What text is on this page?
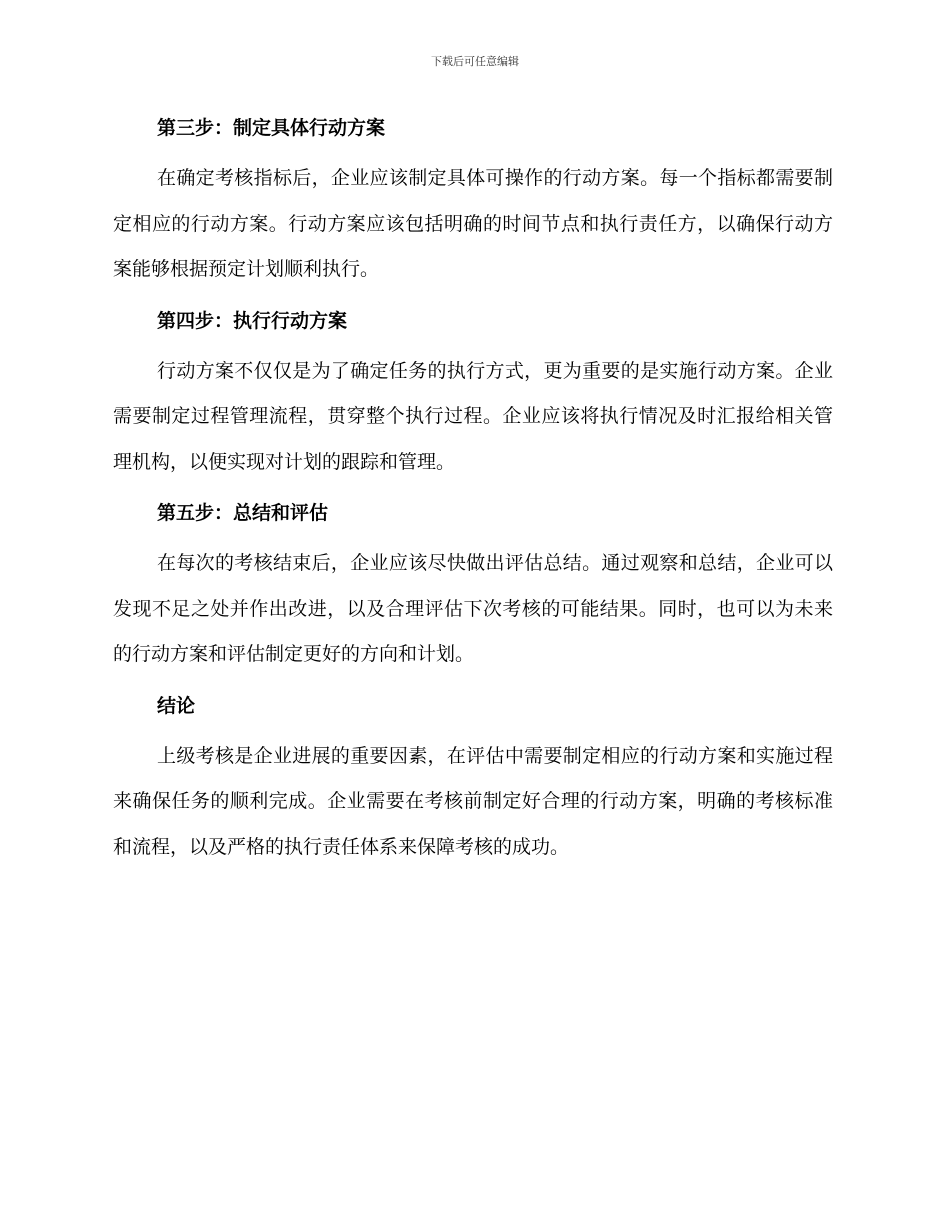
下载后可任意编辑
第三步：制定具体行动方案
在确定考核指标后，企业应该制定具体可操作的行动方案。每一个指标都需要制定相应的行动方案。行动方案应该包括明确的时间节点和执行责任方，以确保行动方案能够根据预定计划顺利执行。
第四步：执行行动方案
行动方案不仅仅是为了确定任务的执行方式，更为重要的是实施行动方案。企业需要制定过程管理流程，贯穿整个执行过程。企业应该将执行情况及时汇报给相关管理机构，以便实现对计划的跟踪和管理。
第五步：总结和评估
在每次的考核结束后，企业应该尽快做出评估总结。通过观察和总结，企业可以发现不足之处并作出改进，以及合理评估下次考核的可能结果。同时，也可以为未来的行动方案和评估制定更好的方向和计划。
结论
上级考核是企业进展的重要因素，在评估中需要制定相应的行动方案和实施过程来确保任务的顺利完成。企业需要在考核前制定好合理的行动方案，明确的考核标准和流程，以及严格的执行责任体系来保障考核的成功。
